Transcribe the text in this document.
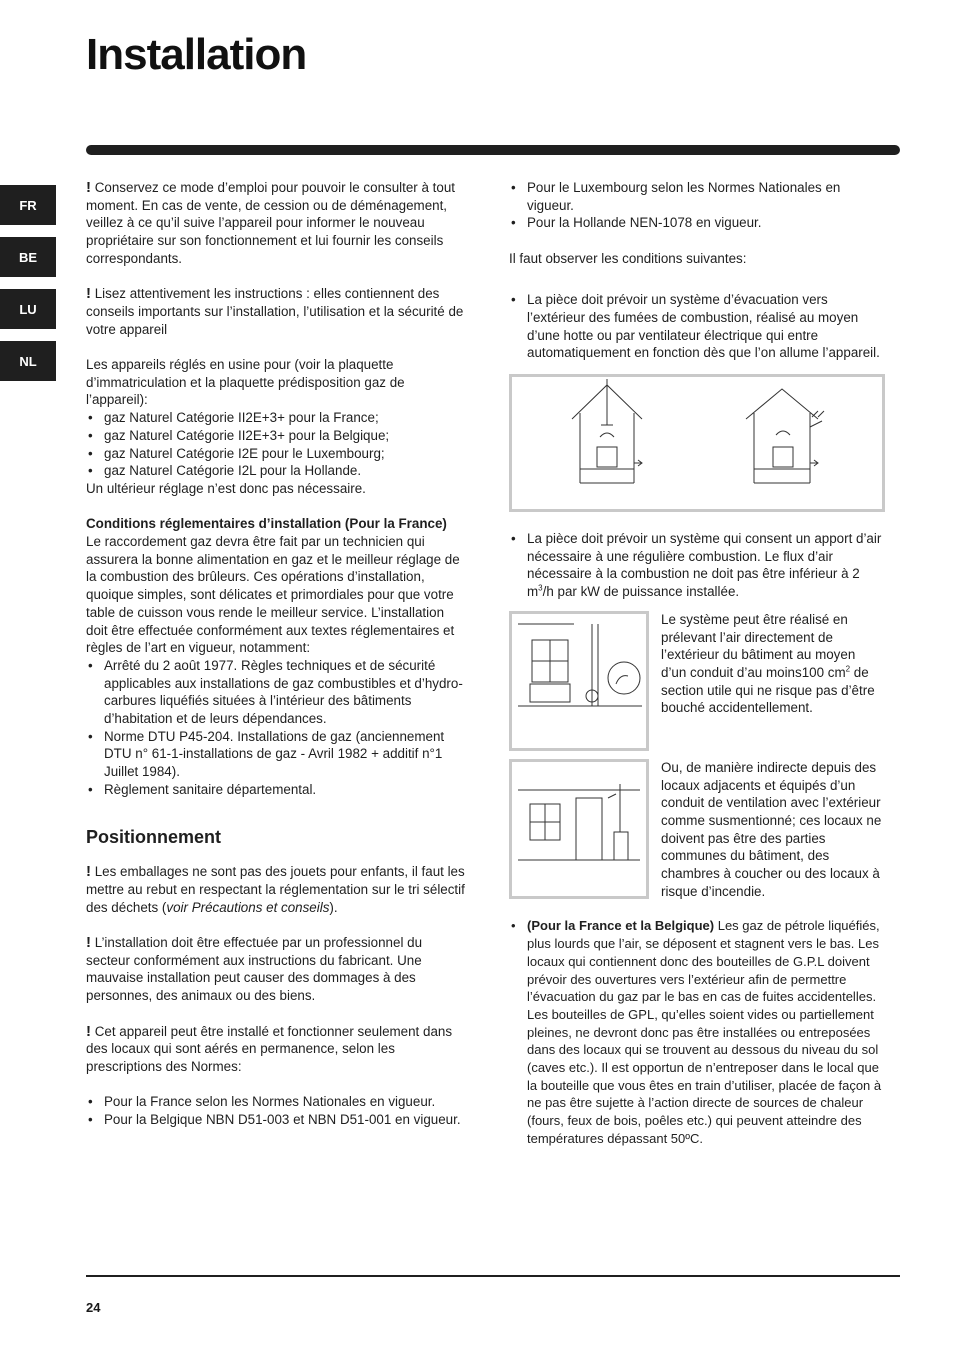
Installation
FR
BE
LU
NL

! Conservez ce mode d’emploi pour pouvoir le consulter à tout moment. En cas de vente, de cession ou de déménagement, veillez à ce qu’il suive l’appareil pour informer le nouveau propriétaire sur son fonctionnement et lui fournir les conseils correspondants.

! Lisez attentivement les instructions : elles contiennent des conseils importants sur l’installation, l’utilisation et la sécurité de votre appareil

Les appareils réglés en usine pour (voir la plaquette d’immatriculation et la plaquette prédisposition gaz de l’appareil):

• gaz Naturel Catégorie II2E+3+ pour la France;
• gaz Naturel Catégorie II2E+3+ pour la Belgique;
• gaz Naturel Catégorie I2E pour le Luxembourg;
• gaz Naturel Catégorie I2L pour la Hollande.

Un ultérieur réglage n’est donc pas nécessaire.

Conditions réglementaires d’installation (Pour la France)

Le raccordement gaz devra être fait par un technicien qui assurera la bonne alimentation en gaz et le meilleur réglage de la combustion des brûleurs. Ces opérations d’installation, quoique simples, sont délicates et primordiales pour que votre table de cuisson vous rende le meilleur service. L’installation doit être effectuée conformément aux textes réglementaires et règles de l’art en vigueur, notamment:

• Arrêté du 2 août 1977. Règles techniques et de sécurité applicables aux installations de gaz combustibles et d’hydro-carbures liquéfiés situées à l’intérieur des bâtiments d’habitation et de leurs dépendances.
• Norme DTU P45-204. Installations de gaz (anciennement DTU n° 61-1-installations de gaz - Avril 1982 + additif n°1 Juillet 1984).
• Règlement sanitaire départemental.
Positionnement

! Les emballages ne sont pas des jouets pour enfants, il faut les mettre au rebut en respectant la réglementation sur le tri sélectif des déchets (voir Précautions et conseils).

! L’installation doit être effectuée par un professionnel du secteur conformément aux instructions du fabricant. Une mauvaise installation peut causer des dommages à des personnes, des animaux ou des biens.

! Cet appareil peut être installé et fonctionner seulement dans des locaux qui sont aérés en permanence, selon les prescriptions des Normes:

• Pour la France selon les Normes Nationales en vigueur.
• Pour la Belgique NBN D51-003 et NBN D51-001 en vigueur.
• Pour le Luxembourg selon les Normes Nationales en vigueur.
• Pour la Hollande NEN-1078 en vigueur.

Il faut observer les conditions suivantes:

• La pièce doit prévoir un système d’évacuation vers l’extérieur des fumées de combustion, réalisé au moyen d’une hotte ou par ventilateur électrique qui entre automatiquement en fonction dès que l’on allume l’appareil.
• La pièce doit prévoir un système qui consent un apport d’air nécessaire à une régulière combustion. Le flux d’air nécessaire à la combustion ne doit pas être inférieur à 2 $m^3/h$ par kW de puissance installée.

Le système peut être réalisé en prélevant l’air directement de l’extérieur du bâtiment au moyen d’un conduit d’au moins100 $cm^2$ de section utile qui ne risque pas d’être bouché accidentellement.

Ou, de manière indirecte depuis des locaux adjacents et équipés d’un conduit de ventilation avec l’extérieur comme susmentionné; ces locaux ne doivent pas être des parties communes du bâtiment, des chambres à coucher ou des locaux à risque d’incendie.

• (Pour la France et la Belgique) Les gaz de pétrole liquéfiés, plus lourds que l’air, se déposent et stagnent vers le bas. Les locaux qui contiennent donc des bouteilles de G.P.L doivent prévoir des ouvertures vers l’extérieur afin de permettre l’évacuation du gaz par le bas en cas de fuites accidentelles. Les bouteilles de GPL, qu’elles soient vides ou partiellement pleines, ne devront donc pas être installées ou entreposées dans des locaux qui se trouvent au dessous du niveau du sol (caves etc.). Il est opportun de n’entreposer dans le local que la bouteille que vous êtes en train d’utiliser, placée de façon à ne pas être sujette à l’action directe de sources de chaleur (fours, feux de bois, poêles etc.) qui peuvent atteindre des températures dépassant 50ºC.
24
